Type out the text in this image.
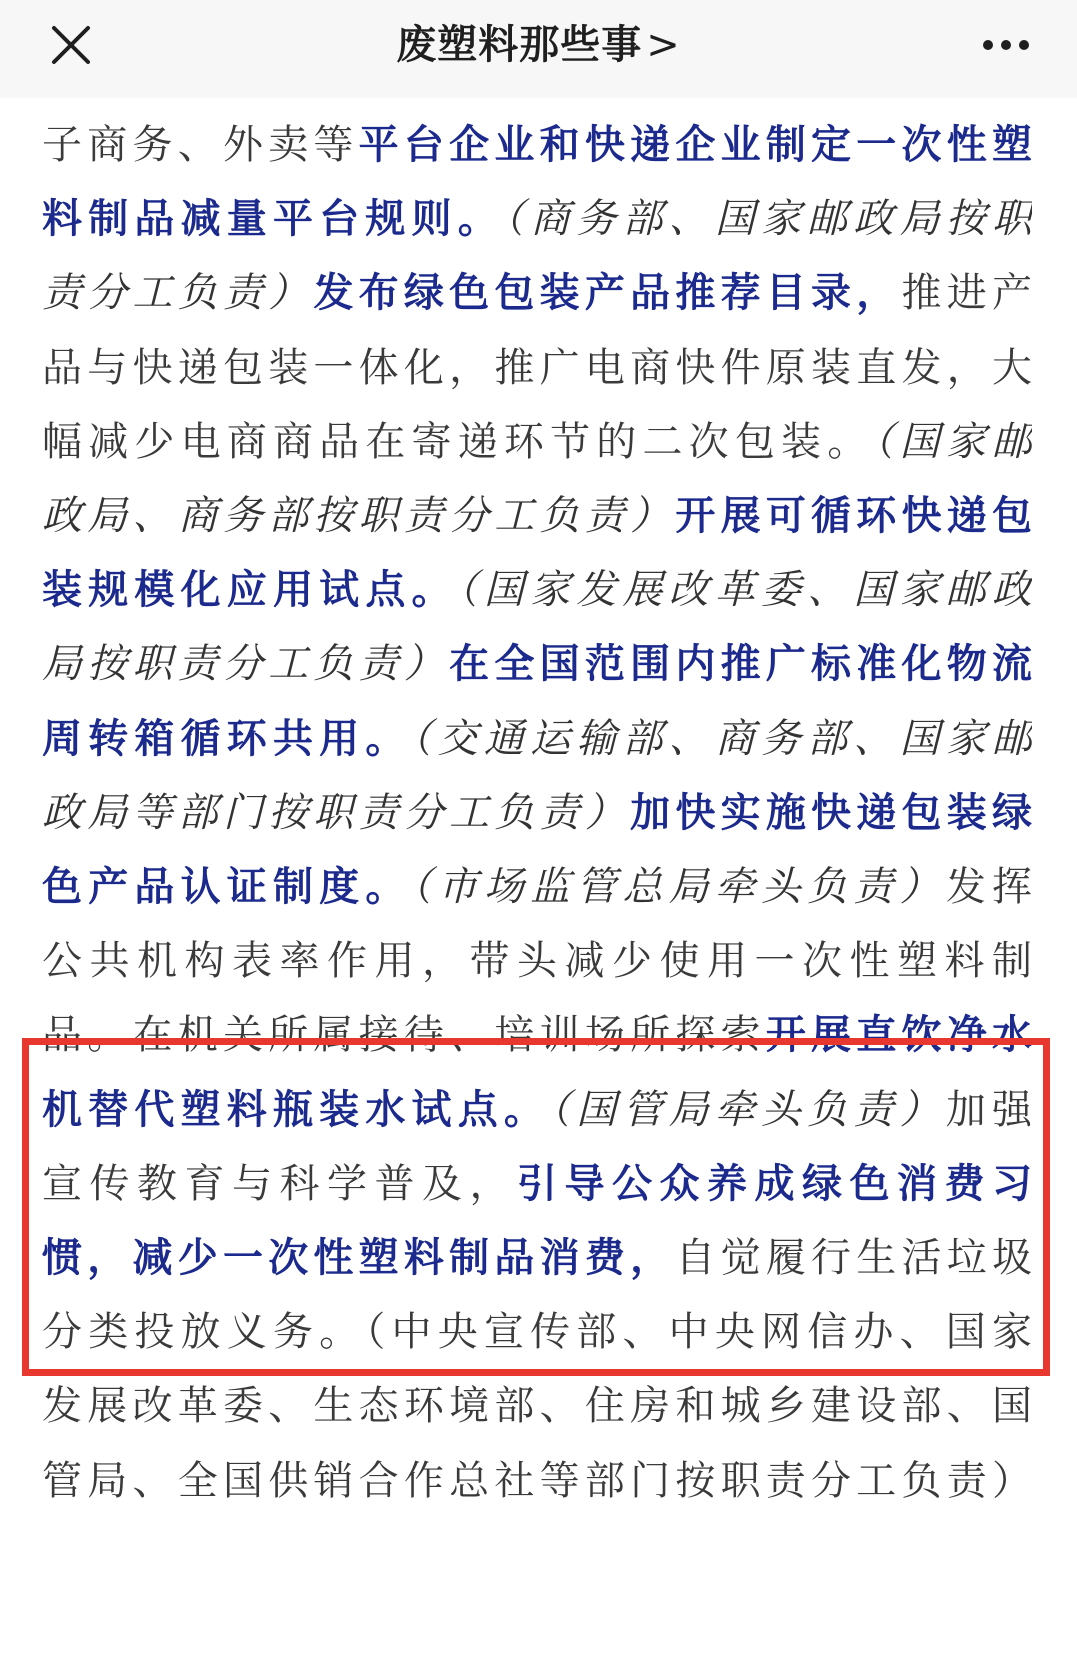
废塑料那些事 >
子商务、外卖等平台企业和快递企业制定一次性塑
料制品减量平台规则。（商务部、国家邮政局按职
责分工负责）发布绿色包装产品推荐目录，推进产
品与快递包装一体化，推广电商快件原装直发，大
幅减少电商商品在寄递环节的二次包装。（国家邮
政局、商务部按职责分工负责）开展可循环快递包
装规模化应用试点。（国家发展改革委、国家邮政
局按职责分工负责）在全国范围内推广标准化物流
周转箱循环共用。（交通运输部、商务部、国家邮
政局等部门按职责分工负责）加快实施快递包装绿
色产品认证制度。（市场监管总局牵头负责）发挥
公共机构表率作用，带头减少使用一次性塑料制
品。在机关所属接待、培训场所探索开展直饮净水
机替代塑料瓶装水试点。（国管局牵头负责）加强
宣传教育与科学普及，引导公众养成绿色消费习
惯，减少一次性塑料制品消费，自觉履行生活垃圾
分类投放义务。（中央宣传部、中央网信办、国家
发展改革委、生态环境部、住房和城乡建设部、国
管局、全国供销合作总社等部门按职责分工负责）
